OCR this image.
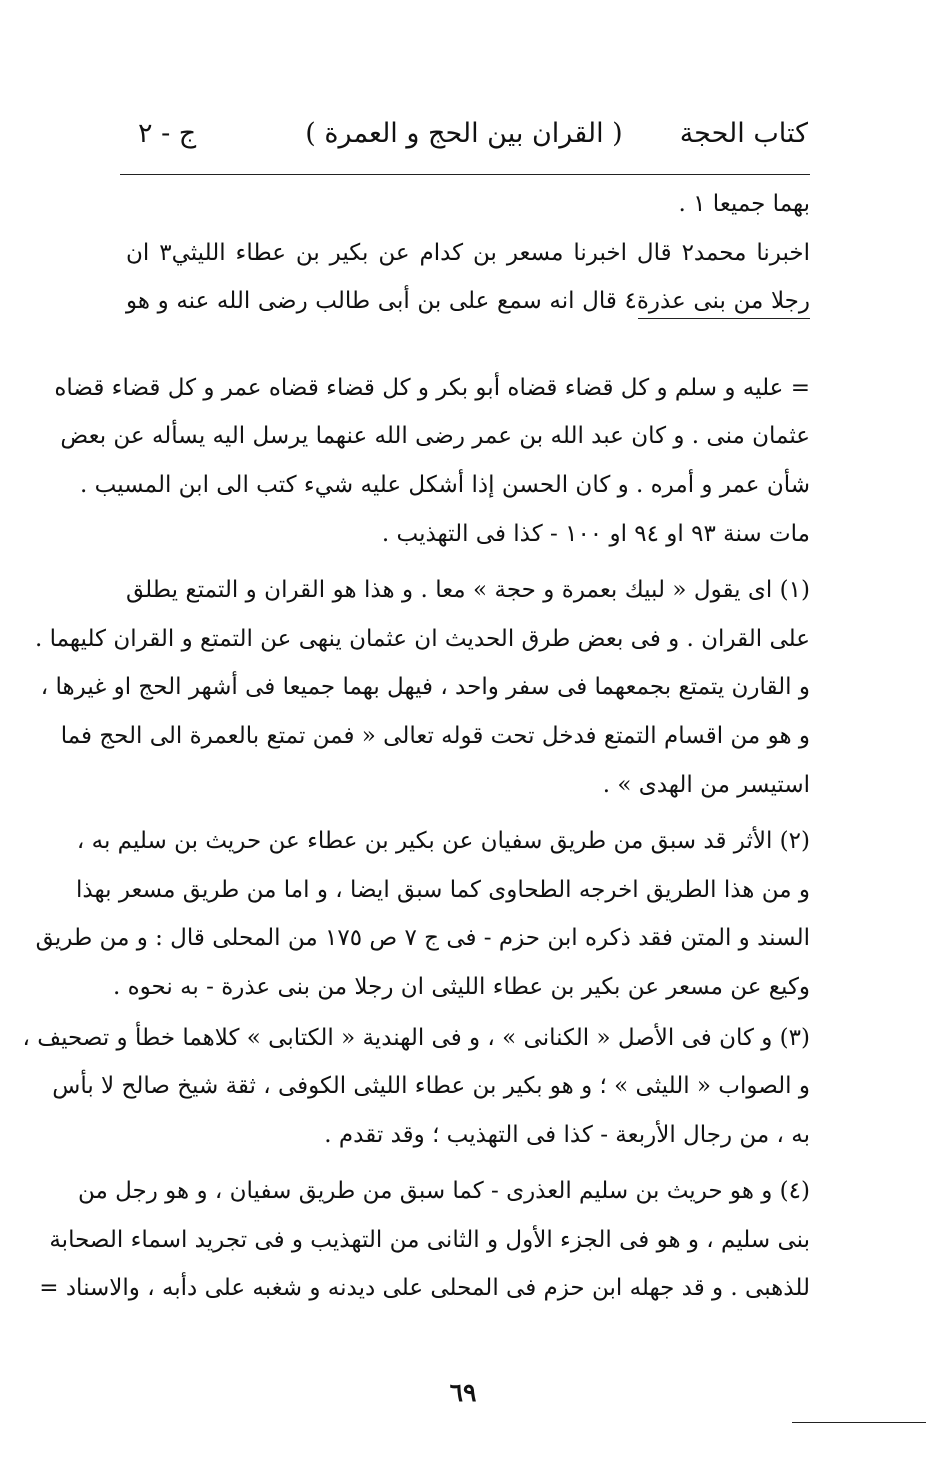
كتاب الحجة
( القران بين الحج و العمرة )
ج - ٢
بهما جميعا ١ .
اخبرنا محمد٢ قال اخبرنا مسعر بن كدام عن بكير بن عطاء الليثي٣ ان
رجلا من بنى عذرة٤ قال انه سمع على بن أبى طالب رضى الله عنه و هو
= عليه و سلم و كل قضاء قضاه أبو بكر و كل قضاء قضاه عمر و كل قضاء قضاه
عثمان منى . و كان عبد الله بن عمر رضى الله عنهما يرسل اليه يسأله عن بعض
شأن عمر و أمره . و كان الحسن إذا أشكل عليه شيء كتب الى ابن المسيب .
مات سنة ٩٣ او ٩٤ او ١٠٠ - كذا فى التهذيب .
(١) اى يقول « لبيك بعمرة و حجة » معا . و هذا هو القران و التمتع يطلق
على القران . و فى بعض طرق الحديث ان عثمان ينهى عن التمتع و القران كليهما .
و القارن يتمتع بجمعهما فى سفر واحد ، فيهل بهما جميعا فى أشهر الحج او غيرها ،
و هو من اقسام التمتع فدخل تحت قوله تعالى « فمن تمتع بالعمرة الى الحج فما
استيسر من الهدى » .
(٢) الأثر قد سبق من طريق سفيان عن بكير بن عطاء عن حريث بن سليم به ،
و من هذا الطريق اخرجه الطحاوى كما سبق ايضا ، و اما من طريق مسعر بهذا
السند و المتن فقد ذكره ابن حزم - فى ج ٧ ص ١٧٥ من المحلى قال : و من طريق
وكيع عن مسعر عن بكير بن عطاء الليثى ان رجلا من بنى عذرة - به نحوه .
(٣) و كان فى الأصل « الكنانى » ، و فى الهندية « الكتابى » كلاهما خطأ و تصحيف ،
و الصواب « الليثى » ؛ و هو بكير بن عطاء الليثى الكوفى ، ثقة شيخ صالح لا بأس
به ، من رجال الأربعة - كذا فى التهذيب ؛ وقد تقدم .
(٤) و هو حريث بن سليم العذرى - كما سبق من طريق سفيان ، و هو رجل من
بنى سليم ، و هو فى الجزء الأول و الثانى من التهذيب و فى تجريد اسماء الصحابة
للذهبى . و قد جهله ابن حزم فى المحلى على ديدنه و شغبه على دأبه ، والاسناد =
٦٩
